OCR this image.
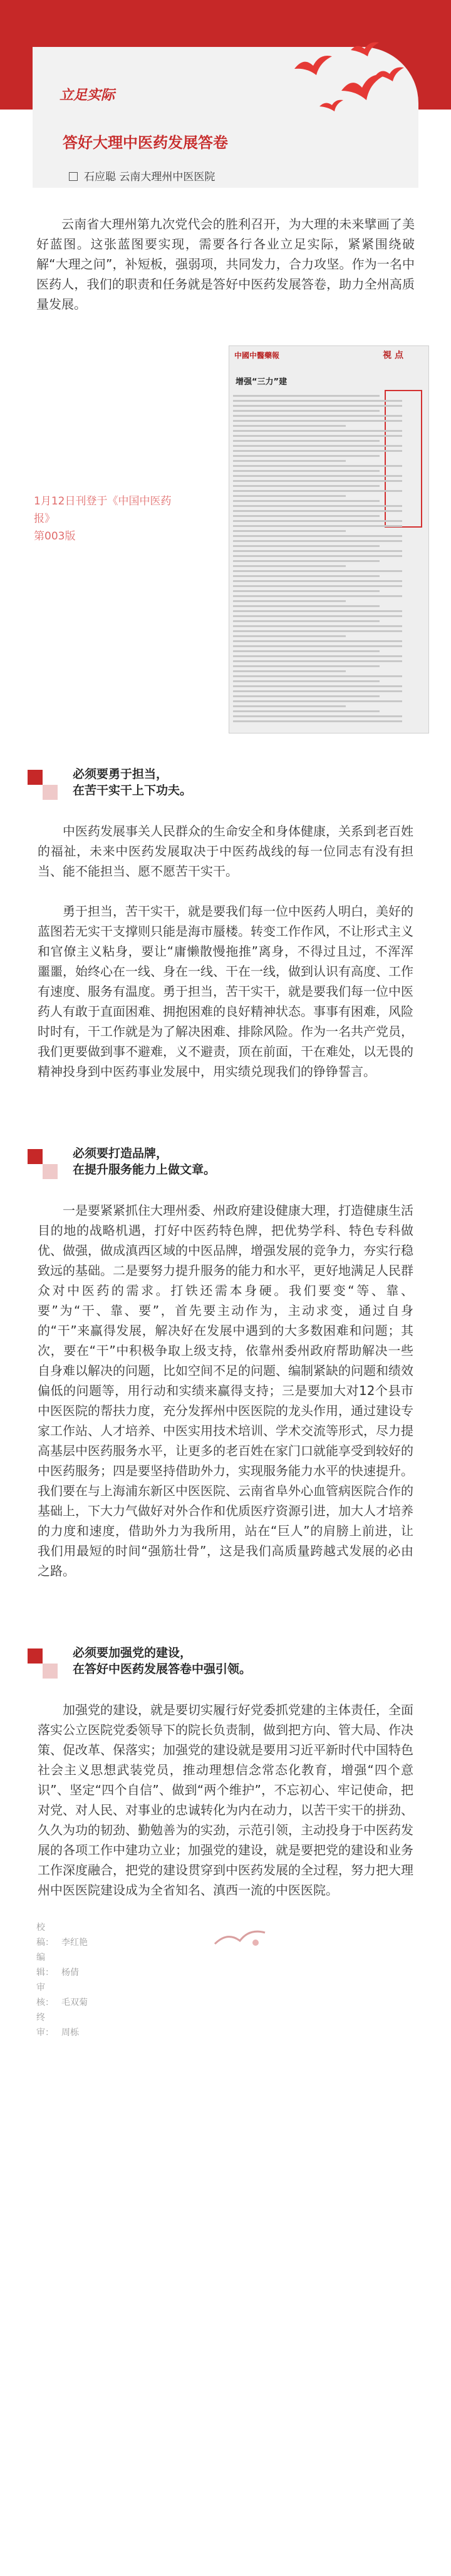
立足实际
答好大理中医药发展答卷
石应聪 云南大理州中医医院

云南省大理州第九次党代会的胜利召开，为大理的未来擘画了美好蓝图。这张蓝图要实现，需要各行各业立足实际，紧紧围绕破解“大理之问”，补短板，强弱项，共同发力，合力攻坚。作为一名中医药人，我们的职责和任务就是答好中医药发展答卷，助力全州高质量发展。

1月12日刊登于《中国中医药报》
第003版
中國中醫藥報	視 点
增强“三力”建
必须要勇于担当，
在苦干实干上下功夫。

中医药发展事关人民群众的生命安全和身体健康，关系到老百姓的福祉，未来中医药发展取决于中医药战线的每一位同志有没有担当、能不能担当、愿不愿苦干实干。

勇于担当，苦干实干，就是要我们每一位中医药人明白，美好的蓝图若无实干支撑则只能是海市蜃楼。转变工作作风，不让形式主义和官僚主义粘身，要让“庸懒散慢拖推”离身，不得过且过，不浑浑噩噩，始终心在一线、身在一线、干在一线，做到认识有高度、工作有速度、服务有温度。勇于担当，苦干实干，就是要我们每一位中医药人有敢于直面困难、拥抱困难的良好精神状态。事事有困难，风险时时有，干工作就是为了解决困难、排除风险。作为一名共产党员，我们更要做到事不避难，义不避责，顶在前面，干在难处，以无畏的精神投身到中医药事业发展中，用实绩兑现我们的铮铮誓言。

必须要打造品牌，
在提升服务能力上做文章。

一是要紧紧抓住大理州委、州政府建设健康大理，打造健康生活目的地的战略机遇，打好中医药特色牌，把优势学科、特色专科做优、做强，做成滇西区域的中医品牌，增强发展的竞争力，夯实行稳致远的基础。二是要努力提升服务的能力和水平，更好地满足人民群众对中医药的需求。打铁还需本身硬。我们要变“等、靠、要”为“干、靠、要”，首先要主动作为，主动求变，通过自身的“干”来赢得发展，解决好在发展中遇到的大多数困难和问题；其次，要在“干”中积极争取上级支持，依靠州委州政府帮助解决一些自身难以解决的问题，比如空间不足的问题、编制紧缺的问题和绩效偏低的问题等，用行动和实绩来赢得支持；三是要加大对12个县市中医医院的帮扶力度，充分发挥州中医医院的龙头作用，通过建设专家工作站、人才培养、中医实用技术培训、学术交流等形式，尽力提高基层中医药服务水平，让更多的老百姓在家门口就能享受到较好的中医药服务；四是要坚持借助外力，实现服务能力水平的快速提升。我们要在与上海浦东新区中医医院、云南省阜外心血管病医院合作的基础上，下大力气做好对外合作和优质医疗资源引进，加大人才培养的力度和速度，借助外力为我所用，站在“巨人”的肩膀上前进，让我们用最短的时间“强筋壮骨”，这是我们高质量跨越式发展的必由之路。

必须要加强党的建设，
在答好中医药发展答卷中强引领。

加强党的建设，就是要切实履行好党委抓党建的主体责任，全面落实公立医院党委领导下的院长负责制，做到把方向、管大局、作决策、促改革、保落实；加强党的建设就是要用习近平新时代中国特色社会主义思想武装党员，推动理想信念常态化教育，增强“四个意识”、坚定“四个自信”、做到“两个维护”，不忘初心、牢记使命，把对党、对人民、对事业的忠诚转化为内在动力，以苦干实干的拼劲、久久为功的韧劲、勤勉善为的实劲，示范引领，主动投身于中医药发展的各项工作中建功立业；加强党的建设，就是要把党的建设和业务工作深度融合，把党的建设贯穿到中医药发展的全过程，努力把大理州中医医院建设成为全省知名、滇西一流的中医医院。

校稿： 李红艳
编辑： 杨倩
审核： 毛双菊
终审： 周栎
